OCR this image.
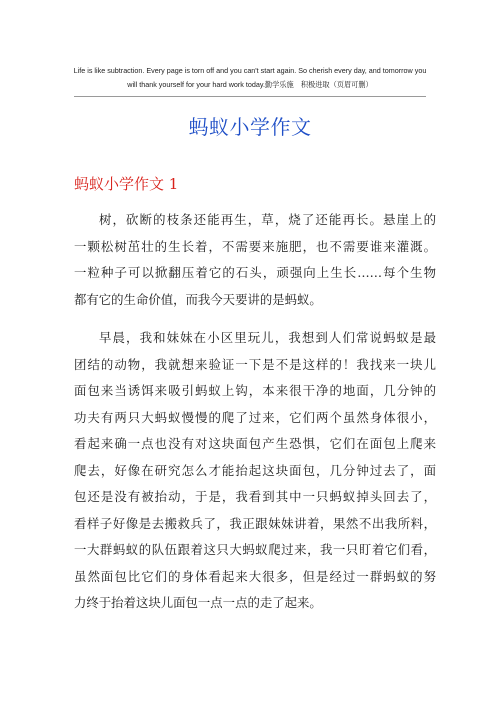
Life is like subtraction. Every page is torn off and you can't start again. So cherish every day, and tomorrow you
will thank yourself for your hard work today.勤学乐施　积极进取（页眉可删）
蚂蚁小学作文
蚂蚁小学作文 1
树，砍断的枝条还能再生，草，烧了还能再长。悬崖上的
一颗松树茁壮的生长着，不需要来施肥，也不需要谁来灌溉。
一粒种子可以掀翻压着它的石头，顽强向上生长……每个生物
都有它的生命价值，而我今天要讲的是蚂蚁。
早晨，我和妹妹在小区里玩儿，我想到人们常说蚂蚁是最
团结的动物，我就想来验证一下是不是这样的！我找来一块儿
面包来当诱饵来吸引蚂蚁上钩，本来很干净的地面，几分钟的
功夫有两只大蚂蚁慢慢的爬了过来，它们两个虽然身体很小，
看起来确一点也没有对这块面包产生恐惧，它们在面包上爬来
爬去，好像在研究怎么才能抬起这块面包，几分钟过去了，面
包还是没有被抬动，于是，我看到其中一只蚂蚁掉头回去了，
看样子好像是去搬救兵了，我正跟妹妹讲着，果然不出我所料，
一大群蚂蚁的队伍跟着这只大蚂蚁爬过来，我一只盯着它们看，
虽然面包比它们的身体看起来大很多，但是经过一群蚂蚁的努
力终于抬着这块儿面包一点一点的走了起来。
